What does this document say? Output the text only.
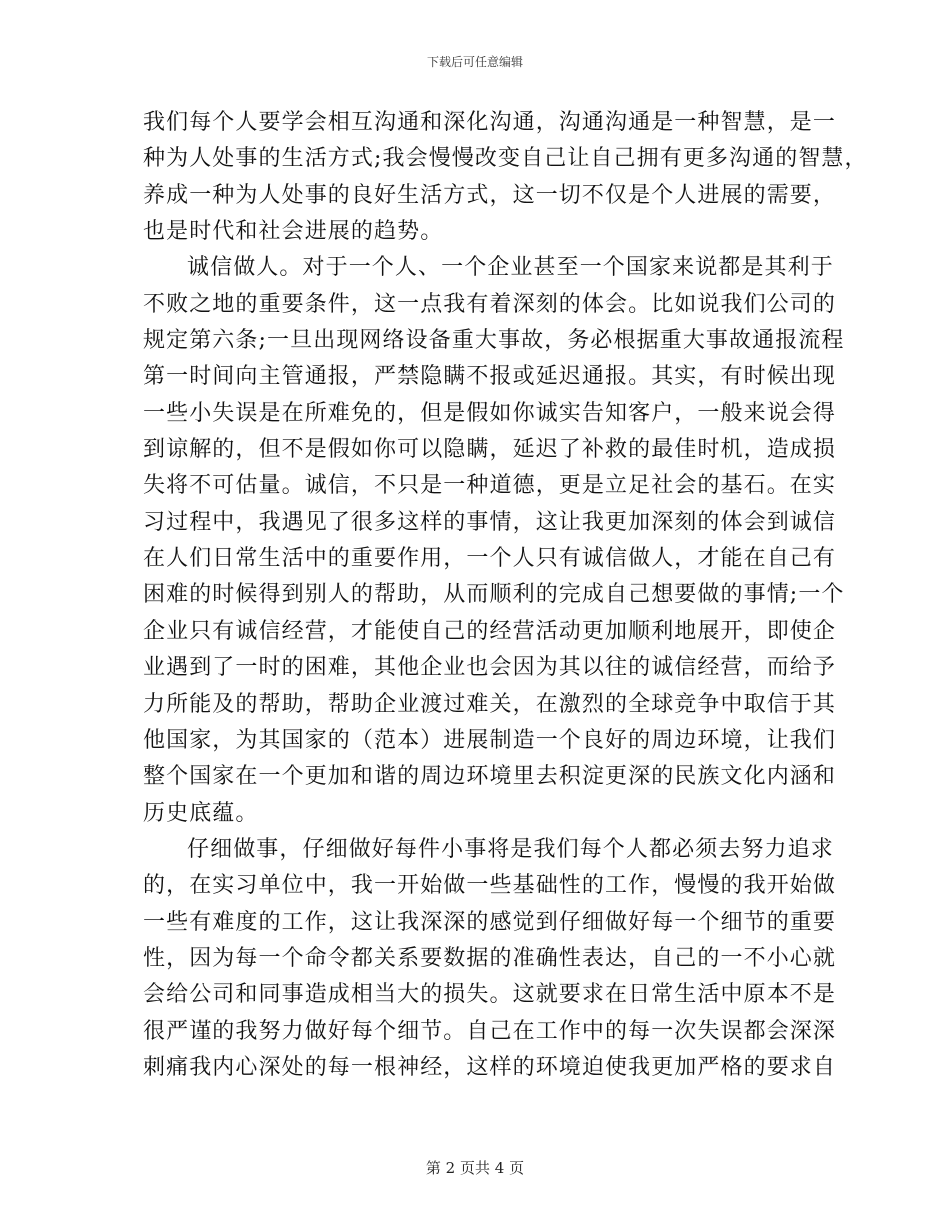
下载后可任意编辑
我们每个人要学会相互沟通和深化沟通，沟通沟通是一种智慧，是一
种为人处事的生活方式;我会慢慢改变自己让自己拥有更多沟通的智慧，
养成一种为人处事的良好生活方式，这一切不仅是个人进展的需要，
也是时代和社会进展的趋势。
诚信做人。对于一个人、一个企业甚至一个国家来说都是其利于
不败之地的重要条件，这一点我有着深刻的体会。比如说我们公司的
规定第六条;一旦出现网络设备重大事故，务必根据重大事故通报流程
第一时间向主管通报，严禁隐瞒不报或延迟通报。其实，有时候出现
一些小失误是在所难免的，但是假如你诚实告知客户，一般来说会得
到谅解的，但不是假如你可以隐瞒，延迟了补救的最佳时机，造成损
失将不可估量。诚信，不只是一种道德，更是立足社会的基石。在实
习过程中，我遇见了很多这样的事情，这让我更加深刻的体会到诚信
在人们日常生活中的重要作用，一个人只有诚信做人，才能在自己有
困难的时候得到别人的帮助，从而顺利的完成自己想要做的事情;一个
企业只有诚信经营，才能使自己的经营活动更加顺利地展开，即使企
业遇到了一时的困难，其他企业也会因为其以往的诚信经营，而给予
力所能及的帮助，帮助企业渡过难关，在激烈的全球竞争中取信于其
他国家，为其国家的（范本）进展制造一个良好的周边环境，让我们
整个国家在一个更加和谐的周边环境里去积淀更深的民族文化内涵和
历史底蕴。
仔细做事，仔细做好每件小事将是我们每个人都必须去努力追求
的，在实习单位中，我一开始做一些基础性的工作，慢慢的我开始做
一些有难度的工作，这让我深深的感觉到仔细做好每一个细节的重要
性，因为每一个命令都关系要数据的准确性表达，自己的一不小心就
会给公司和同事造成相当大的损失。这就要求在日常生活中原本不是
很严谨的我努力做好每个细节。自己在工作中的每一次失误都会深深
刺痛我内心深处的每一根神经，这样的环境迫使我更加严格的要求自
第 2 页共 4 页
